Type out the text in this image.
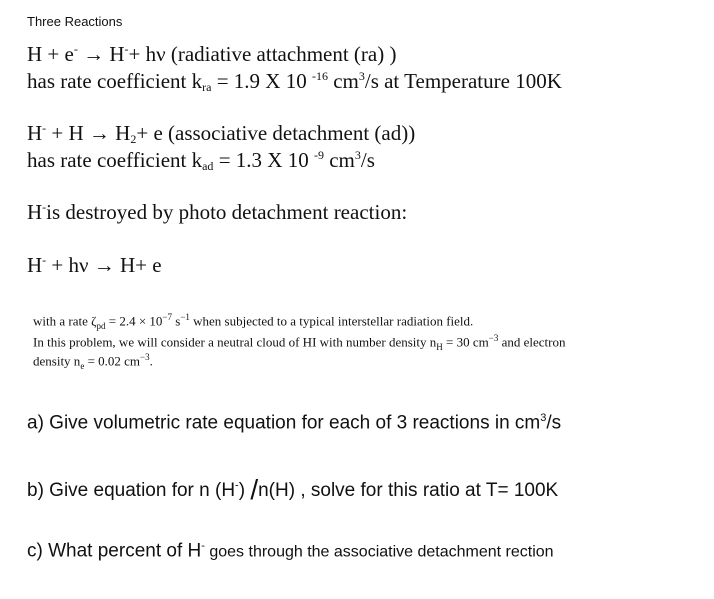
Three Reactions
H + e- → H-+ hν (radiative attachment (ra) )
has rate coefficient $k_{ra} = 1.9$ X 10 $^{-16}$ $cm^3/s$ at Temperature 100K
$H^- + H \to H_2+ e$ (associative detachment (ad))
has rate coefficient $k_{ad} = 1.3$ X 10 $^{-9}$ $cm^3/s$
H-is destroyed by photo detachment reaction:
H- + hν → H+ e
with a rate $\zeta_{pd} = 2.4 \times 10^{-7}$ $s^{-1}$ when subjected to a typical interstellar radiation field.
In this problem, we will consider a neutral cloud of HI with number density $n_H = 30$ $cm^{-3}$ and electron
density $n_e = 0.02$ $cm^{-3}$.
a) Give volumetric rate equation for each of 3 reactions in $cm^3/s$
b) Give equation for n (H-) /n(H) , solve for this ratio at T= 100K
c) What percent of H- goes through the associative detachment rection
